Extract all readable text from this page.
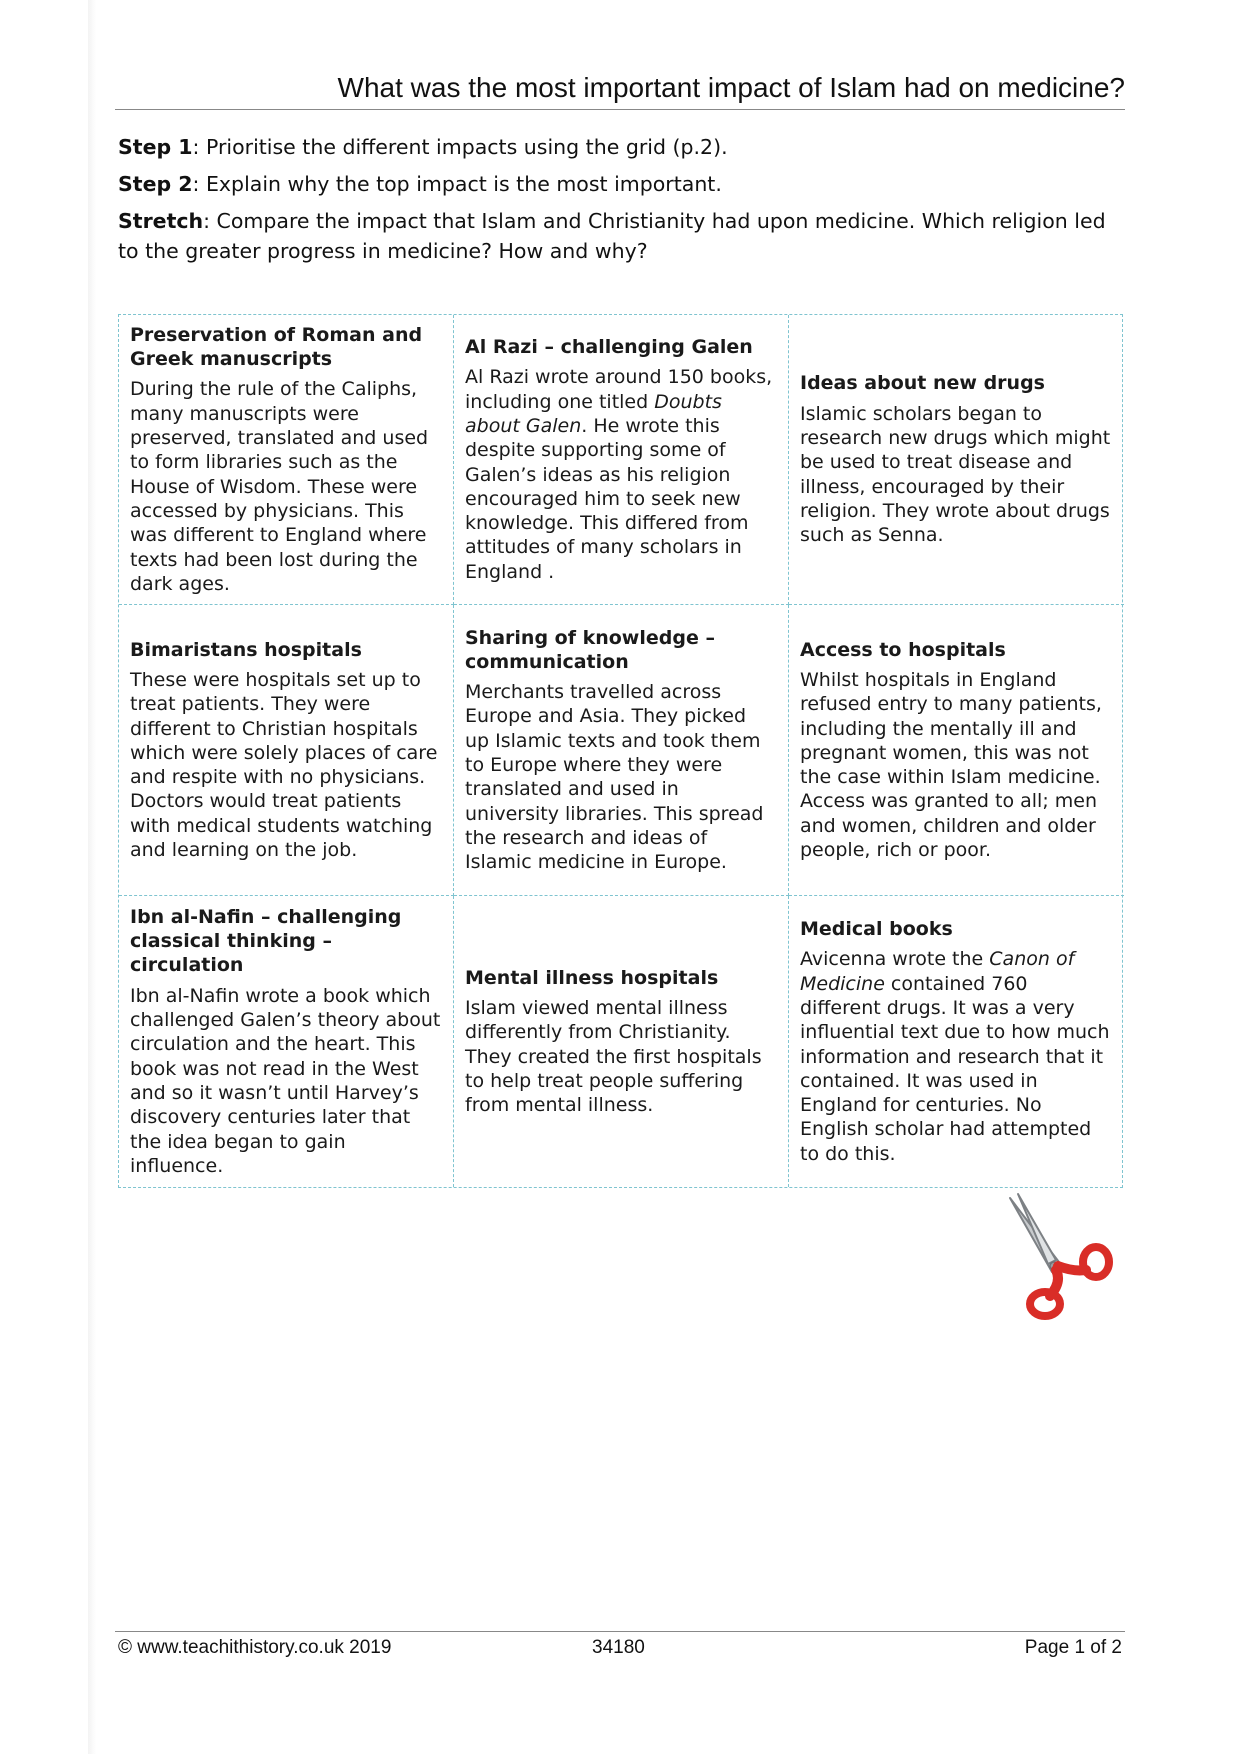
What was the most important impact of Islam had on medicine?

Step 1: Prioritise the different impacts using the grid (p.2).

Step 2: Explain why the top impact is the most important.

Stretch: Compare the impact that Islam and Christianity had upon medicine. Which religion led to the greater progress in medicine? How and why?

Preservation of Roman and Greek manuscripts

During the rule of the Caliphs, many manuscripts were preserved, translated and used to form libraries such as the House of Wisdom. These were accessed by physicians. This was different to England where texts had been lost during the dark ages.

Al Razi – challenging Galen

Al Razi wrote around 150 books, including one titled Doubts about Galen. He wrote this despite supporting some of Galen’s ideas as his religion encouraged him to seek new knowledge. This differed from attitudes of many scholars in England .

Ideas about new drugs

Islamic scholars began to research new drugs which might be used to treat disease and illness, encouraged by their religion. They wrote about drugs such as Senna.

Bimaristans hospitals

These were hospitals set up to treat patients. They were different to Christian hospitals which were solely places of care and respite with no physicians. Doctors would treat patients with medical students watching and learning on the job.

Sharing of knowledge – communication

Merchants travelled across Europe and Asia. They picked up Islamic texts and took them to Europe where they were translated and used in university libraries. This spread the research and ideas of Islamic medicine in Europe.

Access to hospitals

Whilst hospitals in England refused entry to many patients, including the mentally ill and pregnant women, this was not the case within Islam medicine. Access was granted to all; men and women, children and older people, rich or poor.

Ibn al-Nafin – challenging classical thinking – circulation

Ibn al-Nafin wrote a book which challenged Galen’s theory about circulation and the heart. This book was not read in the West and so it wasn’t until Harvey’s discovery centuries later that the idea began to gain influence.

Mental illness hospitals

Islam viewed mental illness differently from Christianity. They created the first hospitals to help treat people suffering from mental illness.

Medical books

Avicenna wrote the Canon of Medicine contained 760 different drugs. It was a very influential text due to how much information and research that it contained. It was used in England for centuries. No English scholar had attempted to do this.

© www.teachithistory.co.uk 2019	34180	Page 1 of 2
